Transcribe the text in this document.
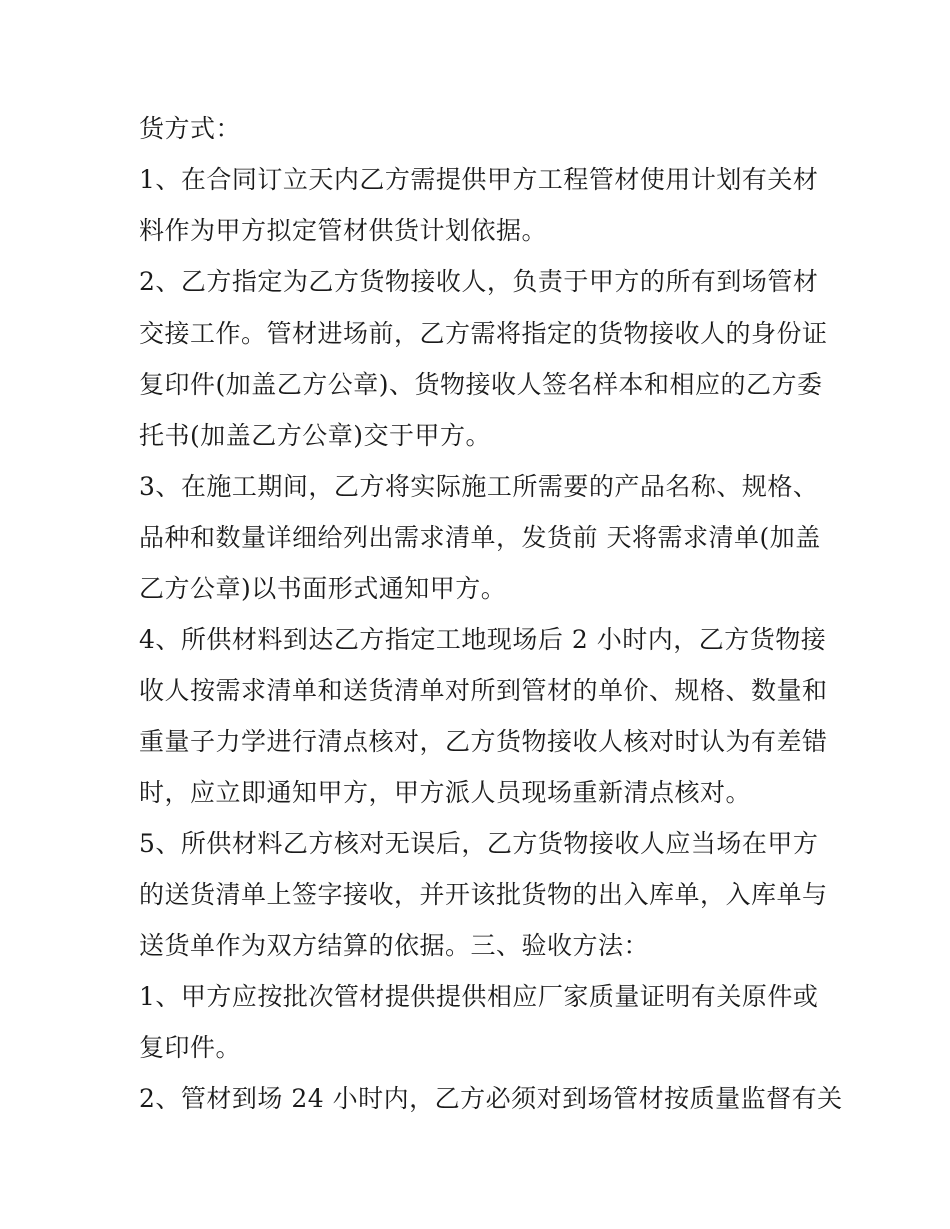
货方式：
1、在合同订立天内乙方需提供甲方工程管材使用计划有关材
料作为甲方拟定管材供货计划依据。
2、乙方指定为乙方货物接收人，负责于甲方的所有到场管材
交接工作。管材进场前，乙方需将指定的货物接收人的身份证
复印件(加盖乙方公章)、货物接收人签名样本和相应的乙方委
托书(加盖乙方公章)交于甲方。
3、在施工期间，乙方将实际施工所需要的产品名称、规格、
品种和数量详细给列出需求清单，发货前 天将需求清单(加盖
乙方公章)以书面形式通知甲方。
4、所供材料到达乙方指定工地现场后 2 小时内，乙方货物接
收人按需求清单和送货清单对所到管材的单价、规格、数量和
重量子力学进行清点核对，乙方货物接收人核对时认为有差错
时，应立即通知甲方，甲方派人员现场重新清点核对。
5、所供材料乙方核对无误后，乙方货物接收人应当场在甲方
的送货清单上签字接收，并开该批货物的出入库单，入库单与
送货单作为双方结算的依据。三、验收方法：
1、甲方应按批次管材提供提供相应厂家质量证明有关原件或
复印件。
2、管材到场 24 小时内，乙方必须对到场管材按质量监督有关
